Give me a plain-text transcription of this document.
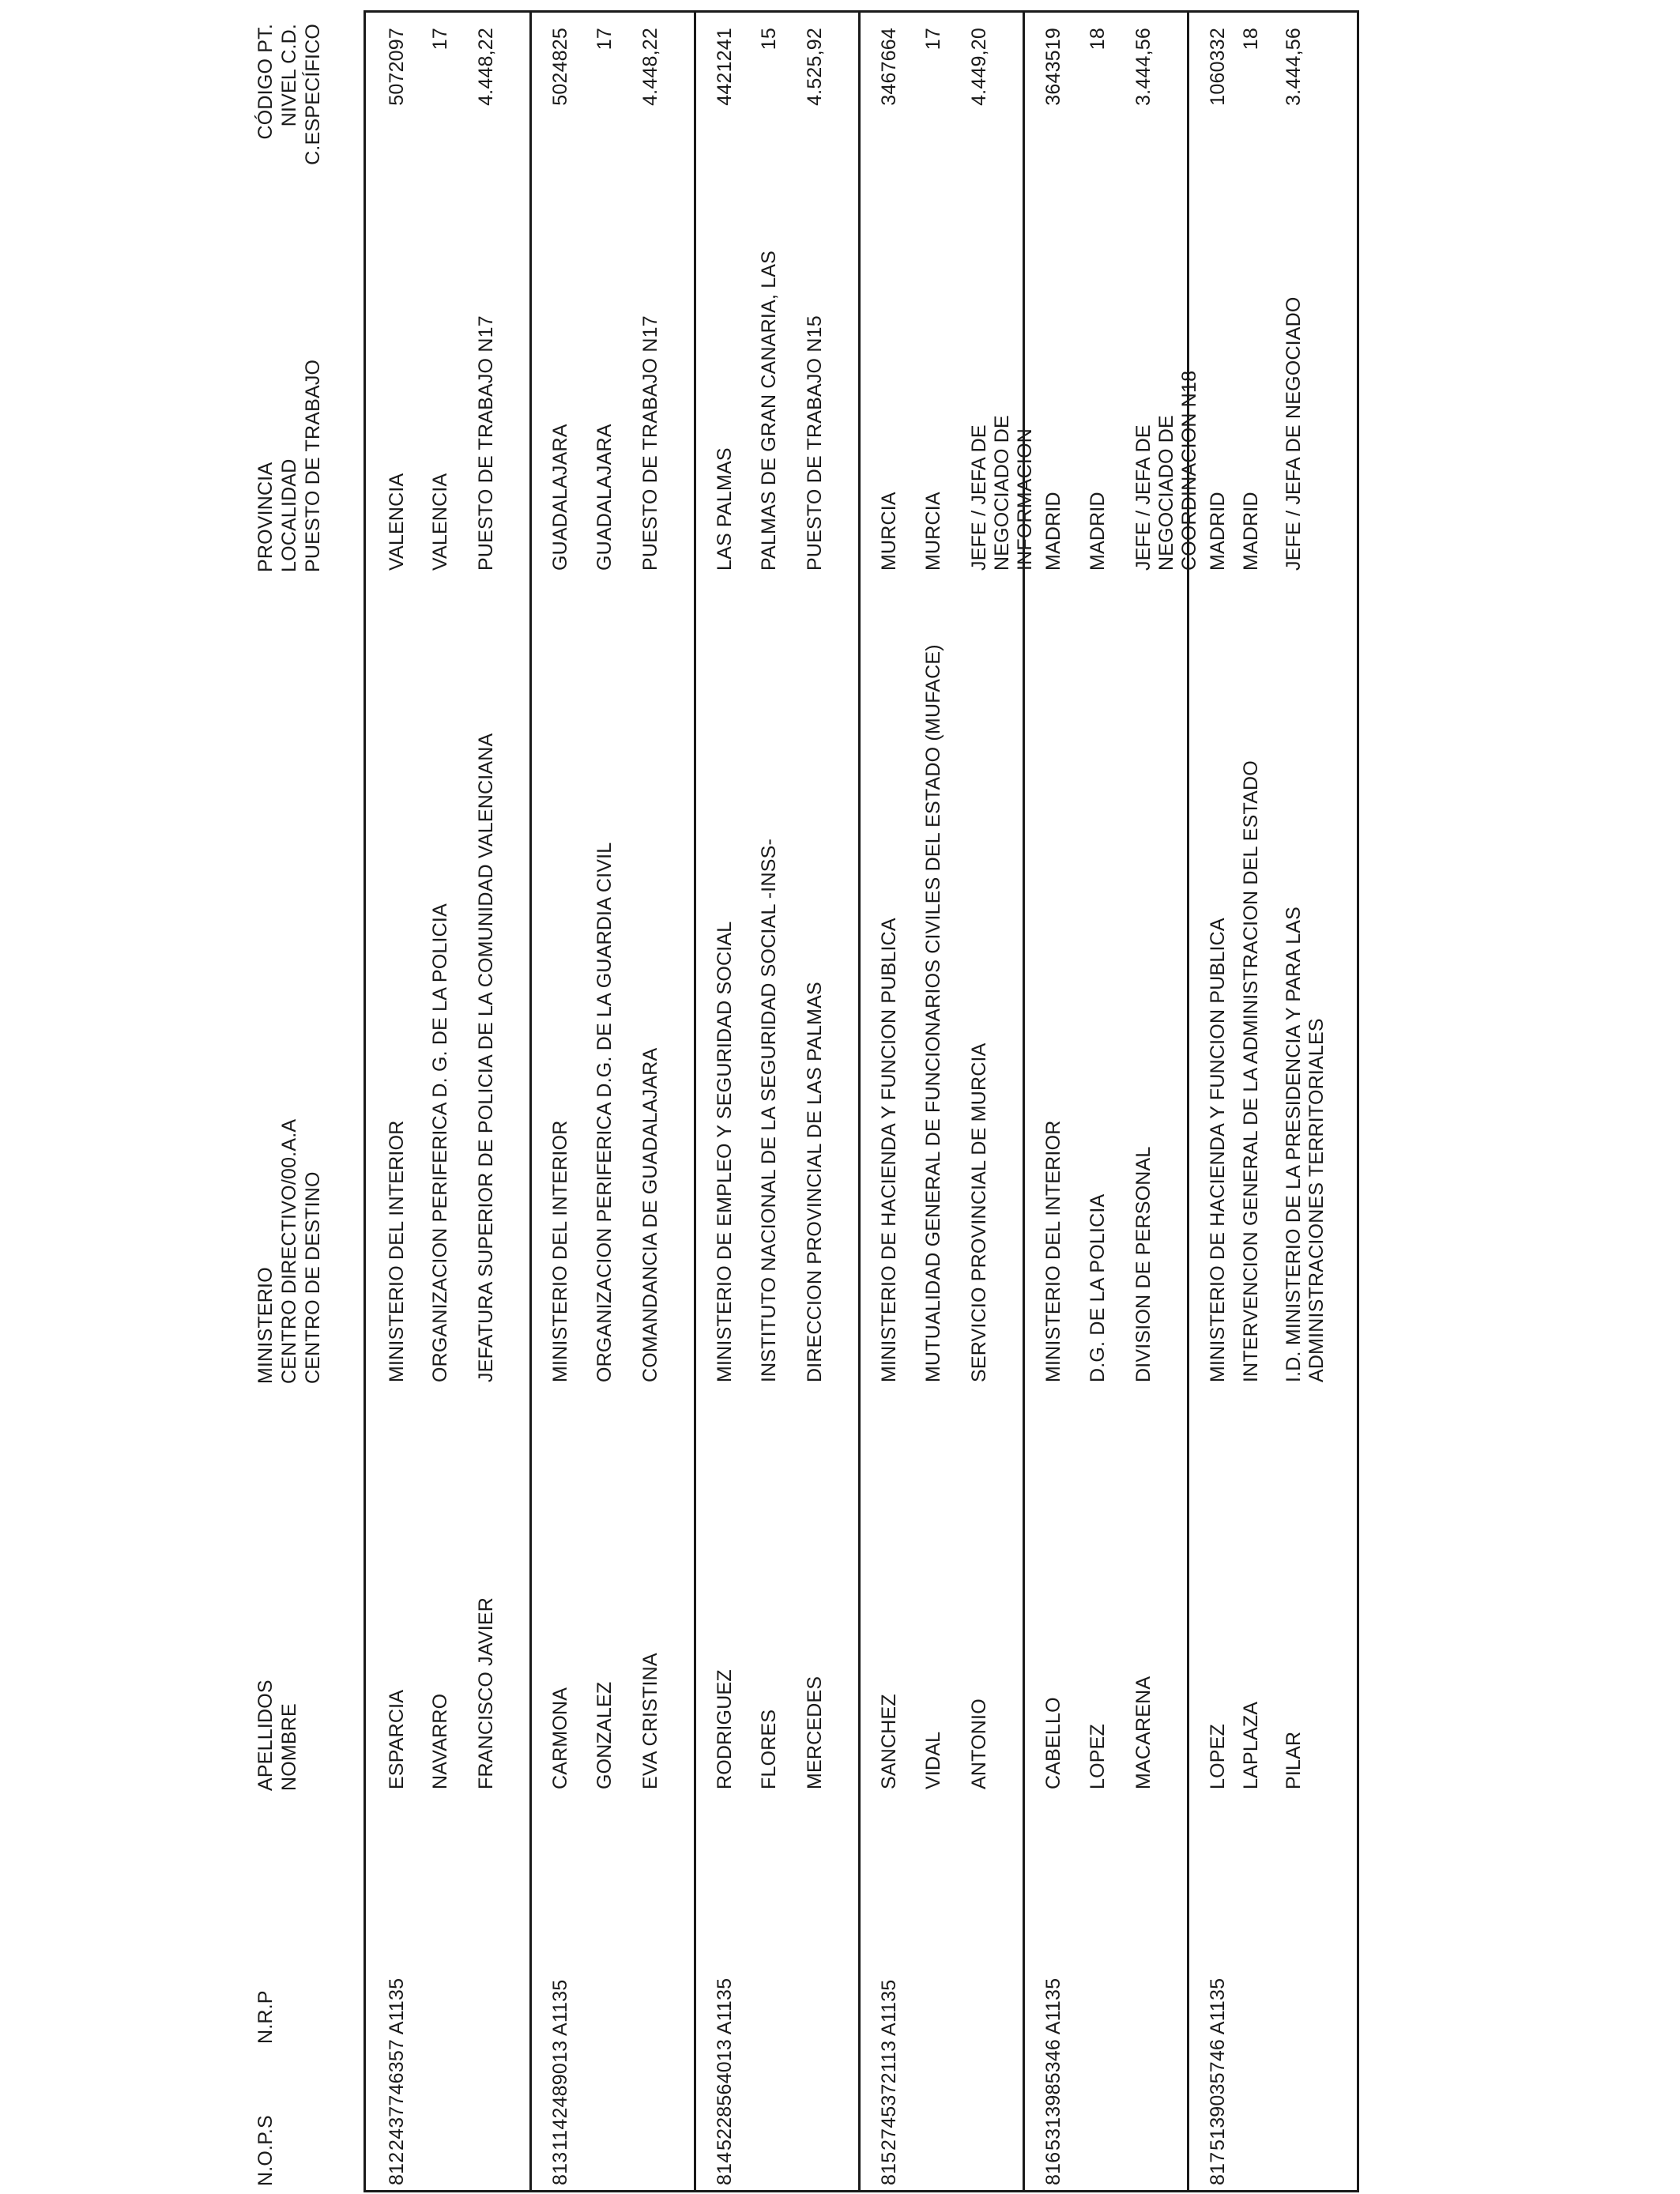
N.O.P.S
N.R.P
APELLIDOS NOMBRE
MINISTERIO CENTRO DIRECTIVO/00.A.A CENTRO DE DESTINO
PROVINCIA LOCALIDAD PUESTO DE TRABAJO
CÓDIGO PT. NIVEL C.D. C.ESPECÍFICO
812
2437746357 A1135
ESPARCIA NAVARRO FRANCISCO JAVIER
MINISTERIO DEL INTERIOR ORGANIZACION PERIFERICA D. G. DE LA POLICIA JEFATURA SUPERIOR DE POLICIA DE LA COMUNIDAD VALENCIANA
VALENCIA VALENCIA PUESTO DE TRABAJO N17
5072097 17 4.448,22
813
1142489013 A1135
CARMONA GONZALEZ EVA CRISTINA
MINISTERIO DEL INTERIOR ORGANIZACION PERIFERICA D.G. DE LA GUARDIA CIVIL COMANDANCIA DE GUADALAJARA
GUADALAJARA GUADALAJARA PUESTO DE TRABAJO N17
5024825 17 4.448,22
814
5228564013 A1135
RODRIGUEZ FLORES MERCEDES
MINISTERIO DE EMPLEO Y SEGURIDAD SOCIAL INSTITUTO NACIONAL DE LA SEGURIDAD SOCIAL -INSS- DIRECCION PROVINCIAL DE LAS PALMAS
LAS PALMAS PALMAS DE GRAN CANARIA, LAS PUESTO DE TRABAJO N15
4421241 15 4.525,92
815
2745372113 A1135
SANCHEZ VIDAL ANTONIO
MINISTERIO DE HACIENDA Y FUNCION PUBLICA MUTUALIDAD GENERAL DE FUNCIONARIOS CIVILES DEL ESTADO (MUFACE) SERVICIO PROVINCIAL DE MURCIA
MURCIA MURCIA JEFE / JEFA DE NEGOCIADO DE INFORMACION
3467664 17 4.449,20
816
5313985346 A1135
CABELLO LOPEZ MACARENA
MINISTERIO DEL INTERIOR D.G. DE LA POLICIA DIVISION DE PERSONAL
MADRID MADRID JEFE / JEFA DE NEGOCIADO DE COORDINACION N18
3643519 18 3.444,56
817
5139035746 A1135
LOPEZ LAPLAZA PILAR
MINISTERIO DE HACIENDA Y FUNCION PUBLICA INTERVENCION GENERAL DE LA ADMINISTRACION DEL ESTADO I.D. MINISTERIO DE LA PRESIDENCIA Y PARA LAS ADMINISTRACIONES TERRITORIALES
MADRID MADRID JEFE / JEFA DE NEGOCIADO
1060332 18 3.444,56
